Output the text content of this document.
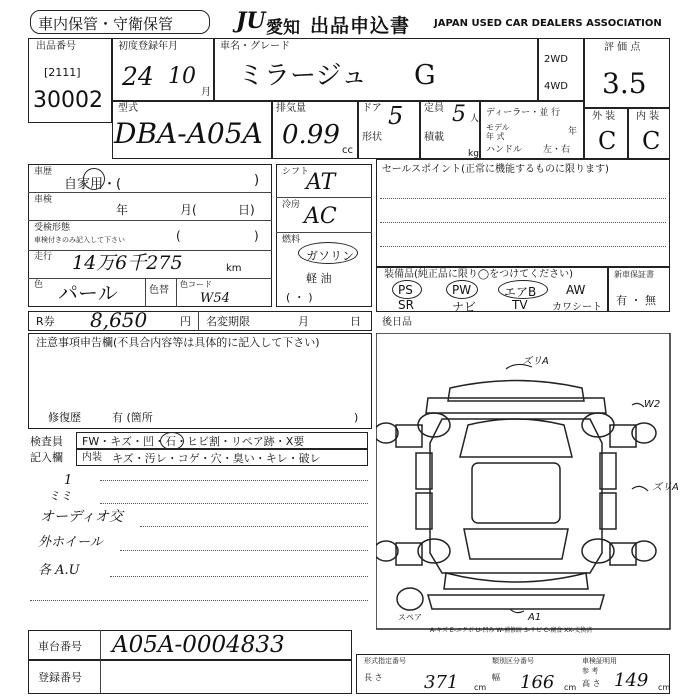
車内保管・守衛保管	JU 愛知 出品申込書 JAPAN USED CAR DEALERS ASSOCIATION
出品番号
[2111]
30002
初度登録年月
24 10
月
車名・グレード
ミラージュ G
2WD
4WD
評 価 点
3.5
型式
DBA-A05A
排気量
0.99
cc
ドア 5
形状
定員 5 人
積載
kg
ディーラー・並 行
モデル
年 式	年
ハンドル 左・右
外 装 内 装
C C
車歴
自家用・(	)
車検
年	月(	日)
受検形態
車検付きのみ記入して下さい	(	)
走行 14万6千275	km
色 パール	色替
色コード
W54
シフト
AT
冷房 AC
燃料
ガソリン
軽 油
( ・ )
セールスポイント(正常に機能するものに限ります)
装備品(純正品に限り◯をつけてください)
PS	PW	エアB AW
SR	ナビ	TV カワシート
新車保証書
有 ・ 無
R券 8,650	円 名変期限	月	日
注意事項申告欄(不具合内容等は具体的に記入して下さい)
修復歴	有 (箇所	)
後日品
検査員
記入欄
FW・キズ・凹・石・ヒビ割・リペア跡・X要
内装 キズ・汚レ・コゲ・穴・臭い・キレ・破レ
1
ミミ
オーディオ交
外ホイール
各 A.U
ズリA
W2
ズリA
A1
スペア
A-キズ E-エクボ U-凹み W-補修跡 S-サビ C-腐食 XX-交換済
車台番号 A05A-0004833
登録番号
形式指定番号
長 さ 371 cm
類別区分番号
幅 166 cm
車検証明用
参 考
高 さ 149 cm
